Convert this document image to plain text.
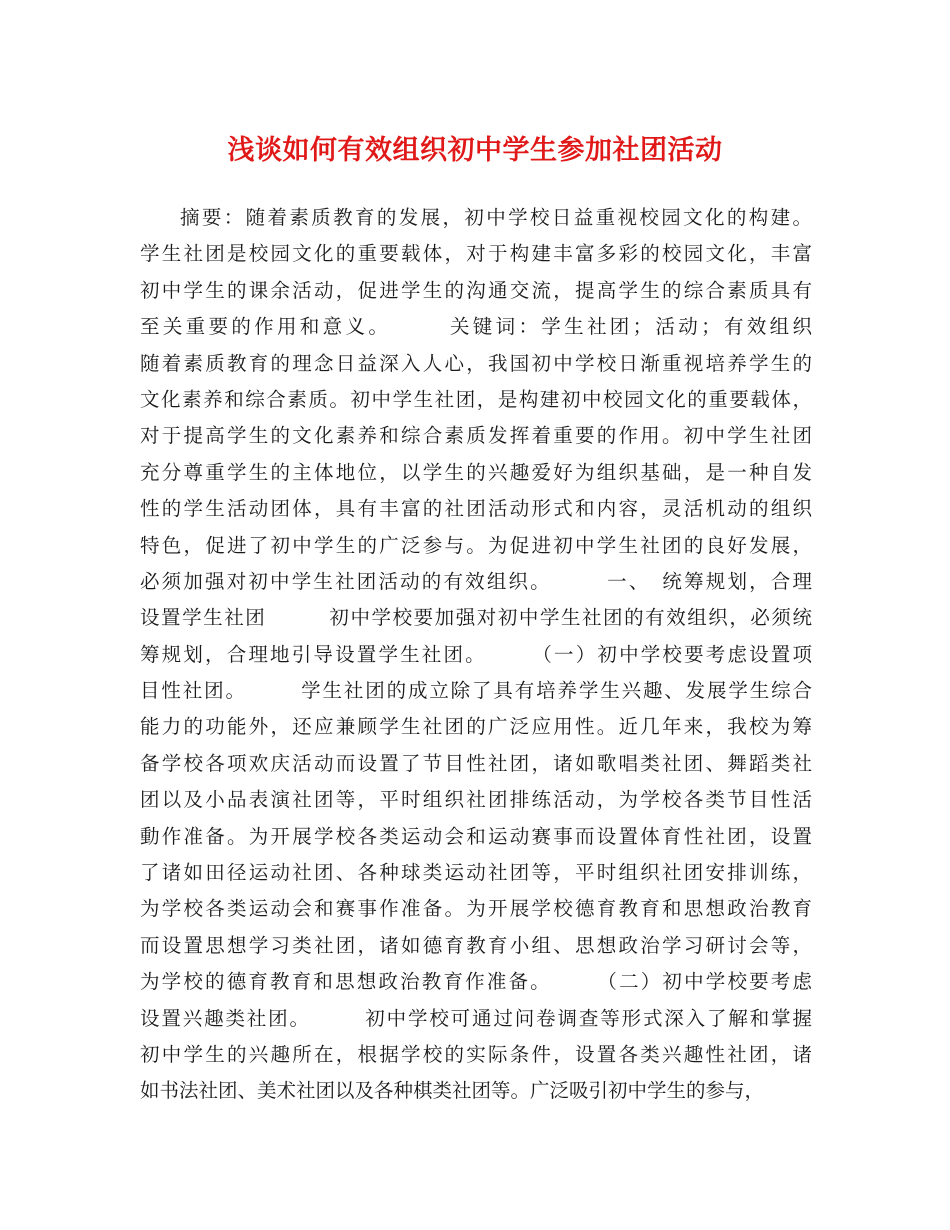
浅谈如何有效组织初中学生参加社团活动
摘要：随着素质教育的发展，初中学校日益重视校园文化的构建。
学生社团是校园文化的重要载体，对于构建丰富多彩的校园文化，丰富
初中学生的课余活动，促进学生的沟通交流，提高学生的综合素质具有
至关重要的作用和意义。　　　关键词：学生社团；活动；有效组织
随着素质教育的理念日益深入人心，我国初中学校日渐重视培养学生的
文化素养和综合素质。初中学生社团，是构建初中校园文化的重要载体，
对于提高学生的文化素养和综合素质发挥着重要的作用。初中学生社团
充分尊重学生的主体地位，以学生的兴趣爱好为组织基础，是一种自发
性的学生活动团体，具有丰富的社团活动形式和内容，灵活机动的组织
特色，促进了初中学生的广泛参与。为促进初中学生社团的良好发展，
必须加强对初中学生社团活动的有效组织。　　　一、　统筹规划，合理
设置学生社团　　　初中学校要加强对初中学生社团的有效组织，必须统
筹规划，合理地引导设置学生社团。　　　（一）初中学校要考虑设置项
目性社团。　　　学生社团的成立除了具有培养学生兴趣、发展学生综合
能力的功能外，还应兼顾学生社团的广泛应用性。近几年来，我校为筹
备学校各项欢庆活动而设置了节目性社团，诸如歌唱类社团、舞蹈类社
团以及小品表演社团等，平时组织社团排练活动，为学校各类节目性活
動作准备。为开展学校各类运动会和运动赛事而设置体育性社团，设置
了诸如田径运动社团、各种球类运动社团等，平时组织社团安排训练，
为学校各类运动会和赛事作准备。为开展学校德育教育和思想政治教育
而设置思想学习类社团，诸如德育教育小组、思想政治学习研讨会等，
为学校的德育教育和思想政治教育作准备。　　　（二）初中学校要考虑
设置兴趣类社团。　　　初中学校可通过问卷调查等形式深入了解和掌握
初中学生的兴趣所在，根据学校的实际条件，设置各类兴趣性社团，诸
如书法社团、美术社团以及各种棋类社团等。广泛吸引初中学生的参与，
